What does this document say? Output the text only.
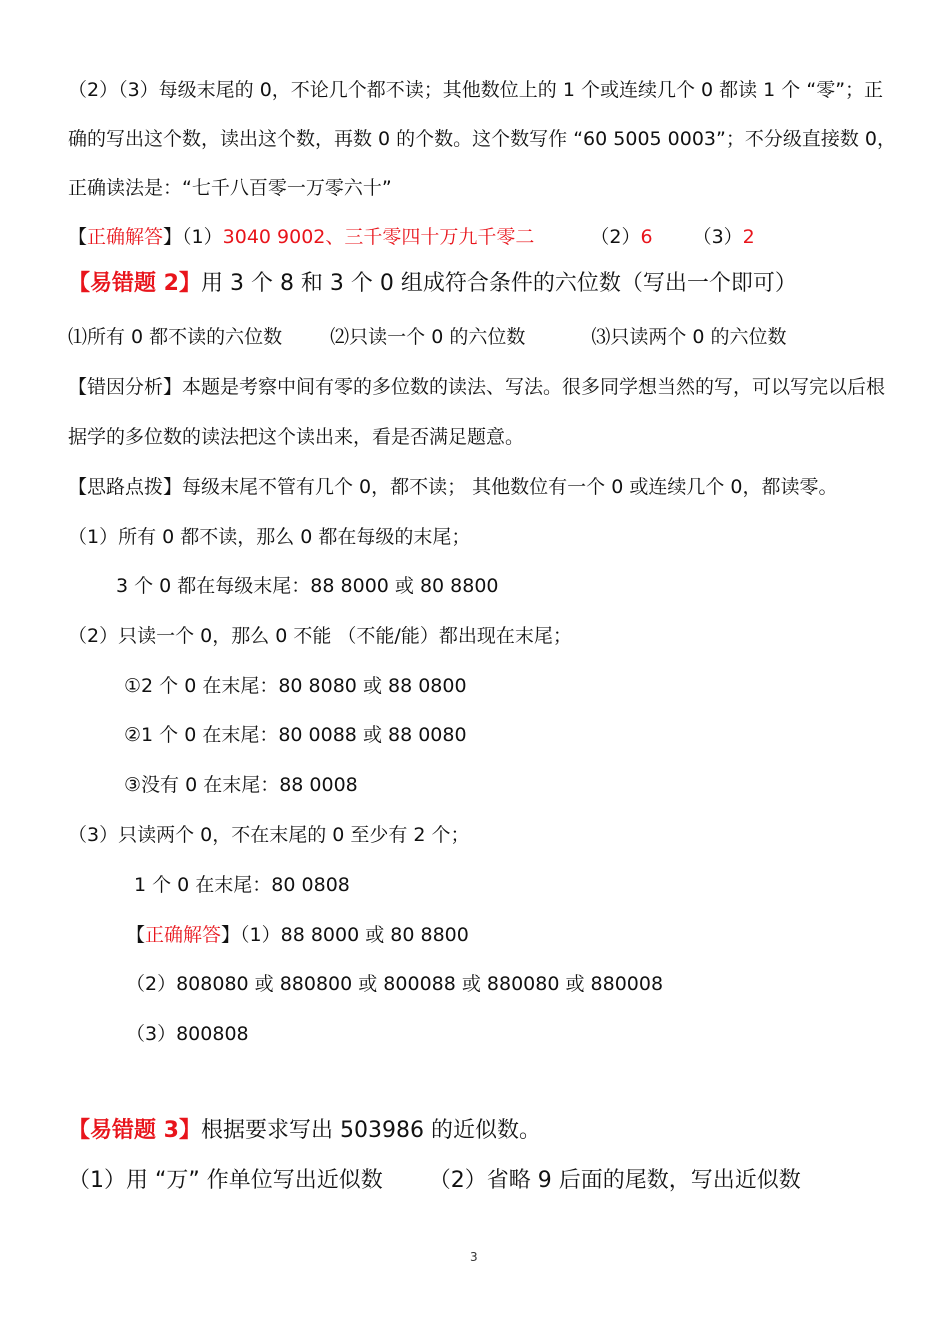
（2）（3）每级末尾的 0，不论几个都不读；其他数位上的 1 个或连续几个 0 都读 1 个 “零”；正
确的写出这个数，读出这个数，再数 0 的个数。这个数写作 “60 5005 0003”；不分级直接数 0，
正确读法是：“七千八百零一万零六十”
【正确解答】（1）3040 9002、三千零四十万九千零二	（2）6 （3）2
【易错题 2】用 3 个 8 和 3 个 0 组成符合条件的六位数（写出一个即可）
⑴所有 0 都不读的六位数	⑵只读一个 0 的六位数	⑶只读两个 0 的六位数
【错因分析】本题是考察中间有零的多位数的读法、写法。很多同学想当然的写，可以写完以后根
据学的多位数的读法把这个读出来，看是否满足题意。
【思路点拨】每级末尾不管有几个 0，都不读； 其他数位有一个 0 或连续几个 0，都读零。
（1）所有 0 都不读，那么 0 都在每级的末尾；
3 个 0 都在每级末尾：88 8000 或 80 8800
（2）只读一个 0，那么 0 不能 （不能/能）都出现在末尾；
①2 个 0 在末尾：80 8080 或 88 0800
②1 个 0 在末尾：80 0088 或 88 0080
③没有 0 在末尾：88 0008
（3）只读两个 0，不在末尾的 0 至少有 2 个；
1 个 0 在末尾：80 0808
【正确解答】（1）88 8000 或 80 8800
（2）808080 或 880800 或 800088 或 880080 或 880008
（3）800808
【易错题 3】根据要求写出 503986 的近似数。
（1）用 “万” 作单位写出近似数 （2）省略 9 后面的尾数，写出近似数
3
